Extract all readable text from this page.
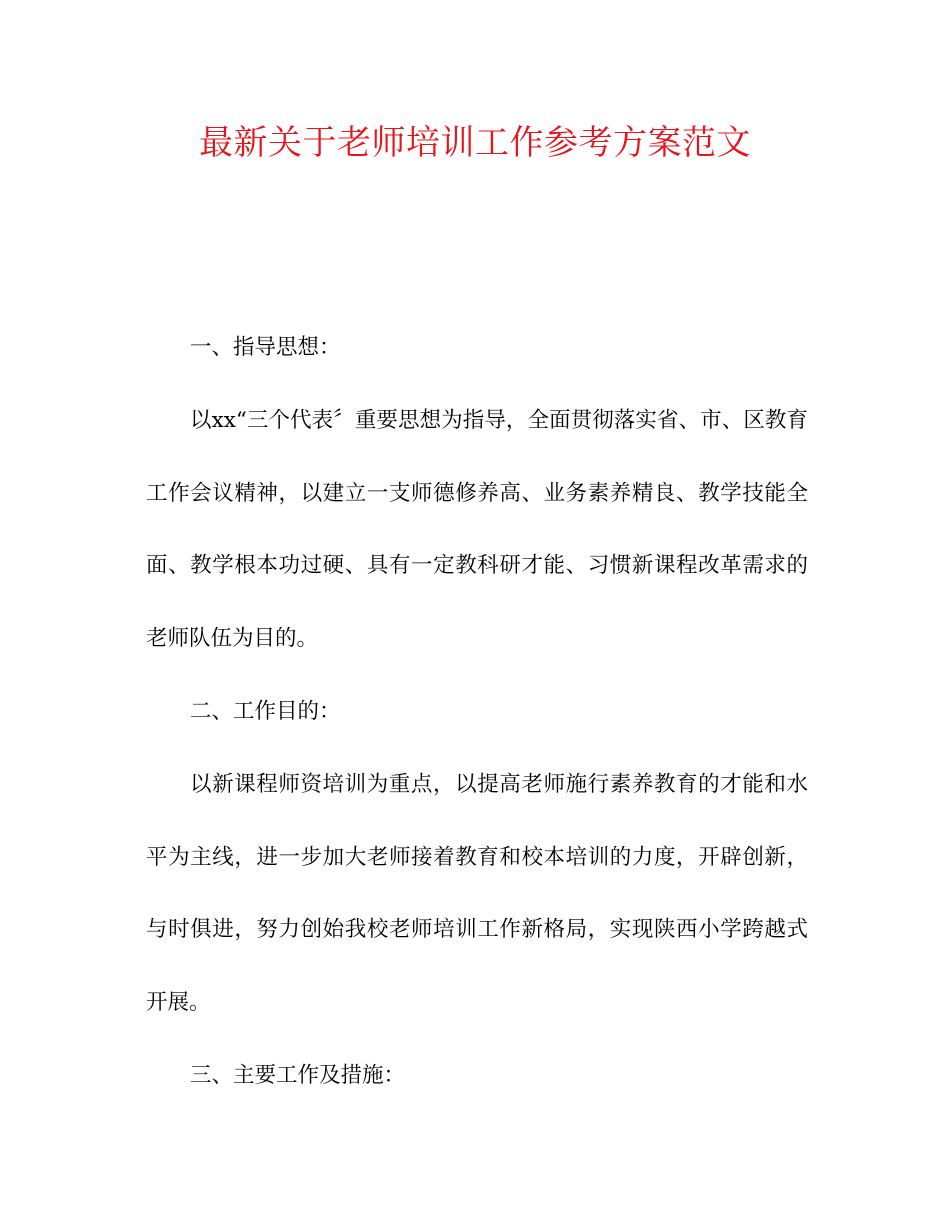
最新关于老师培训工作参考方案范文

一、指导思想：

以xx“三个代表〞重要思想为指导，全面贯彻落实省、市、区教育工作会议精神，以建立一支师德修养高、业务素养精良、教学技能全面、教学根本功过硬、具有一定教科研才能、习惯新课程改革需求的老师队伍为目的。

二、工作目的：

以新课程师资培训为重点，以提高老师施行素养教育的才能和水平为主线，进一步加大老师接着教育和校本培训的力度，开辟创新，与时俱进，努力创始我校老师培训工作新格局，实现陕西小学跨越式开展。

三、主要工作及措施：
